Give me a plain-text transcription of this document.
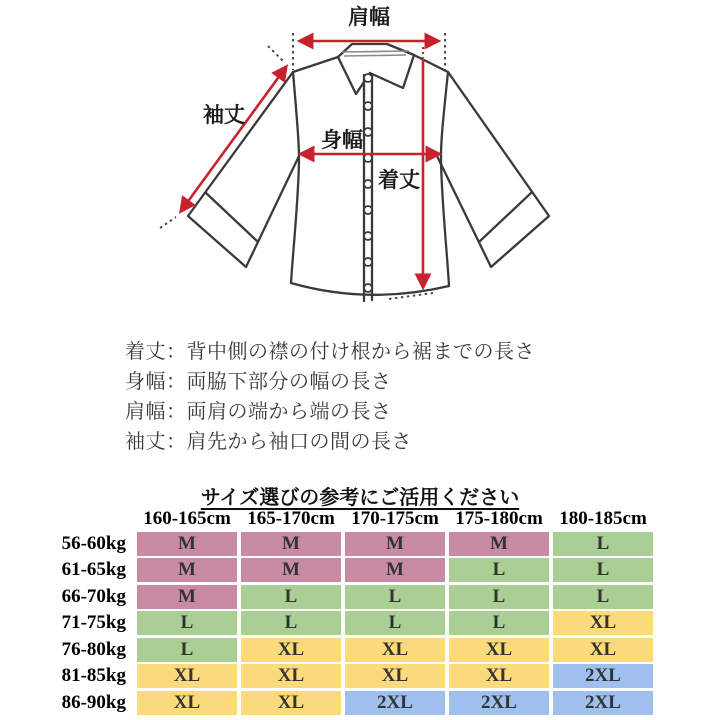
肩幅
袖丈
身幅
着丈
着丈：背中側の襟の付け根から裾までの長さ
身幅：両脇下部分の幅の長さ
肩幅：両肩の端から端の長さ
袖丈：肩先から袖口の間の長さ
サイズ選びの参考にご活用ください
160-165cm 165-170cm 170-175cm 175-180cm 180-185cm
56-60kg	M	M	M	M	L
61-65kg	M	M	M	L	L
66-70kg	M	L	L	L	L
71-75kg	L	L	L	L	XL
76-80kg	L	XL	XL	XL	XL
81-85kg	XL	XL	XL	XL	2XL
86-90kg	XL	XL	2XL	2XL	2XL
